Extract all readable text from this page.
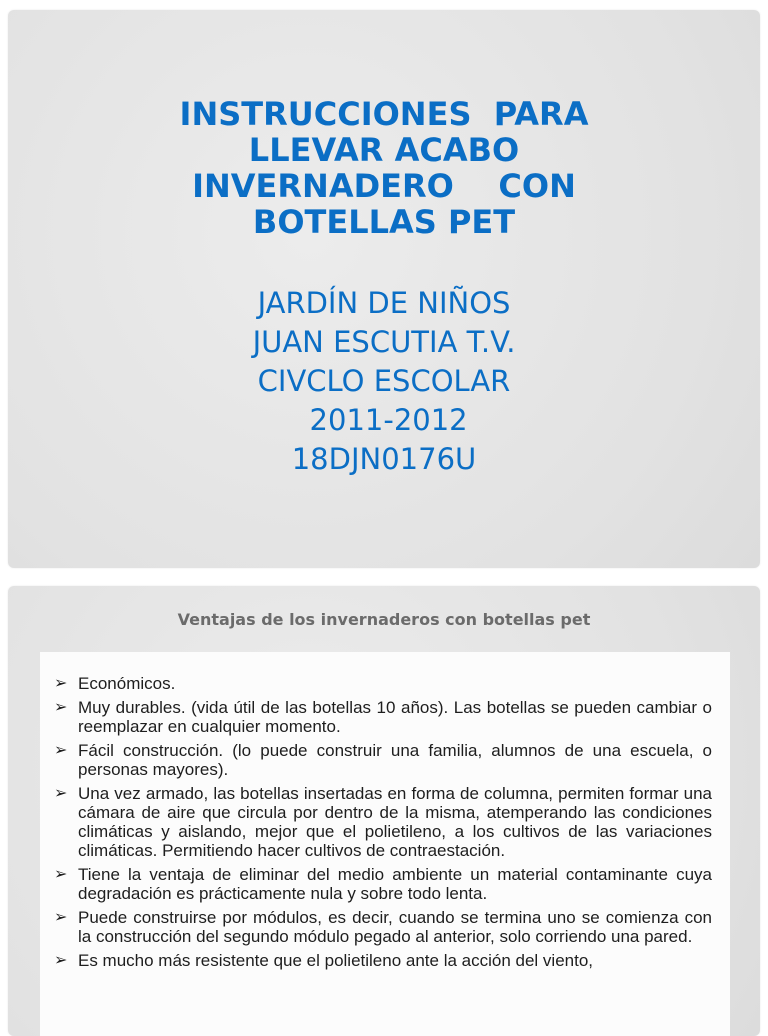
INSTRUCCIONES  PARA
LLEVAR ACABO
INVERNADERO    CON
BOTELLAS PET
JARDÍN DE NIÑOS
JUAN ESCUTIA T.V.
CIVCLO ESCOLAR
2011-2012
18DJN0176U
Ventajas de los invernaderos con botellas pet
➢ Económicos.
➢ Muy durables. (vida útil de las botellas 10 años). Las botellas se pueden cambiar o reemplazar en cualquier momento.
➢ Fácil construcción. (lo puede construir una familia, alumnos de una escuela, o personas mayores).
➢ Una vez armado, las botellas insertadas en forma de columna, permiten formar una cámara de aire que circula por dentro de la misma, atemperando las condiciones climáticas y aislando, mejor que el polietileno, a los cultivos de las variaciones climáticas. Permitiendo hacer cultivos de contraestación.
➢ Tiene la ventaja de eliminar del medio ambiente un material contaminante cuya degradación es prácticamente nula y sobre todo lenta.
➢ Puede construirse por módulos, es decir, cuando se termina uno se comienza con la construcción del segundo módulo pegado al anterior, solo corriendo una pared.
➢ Es mucho más resistente que el polietileno ante la acción del viento,
